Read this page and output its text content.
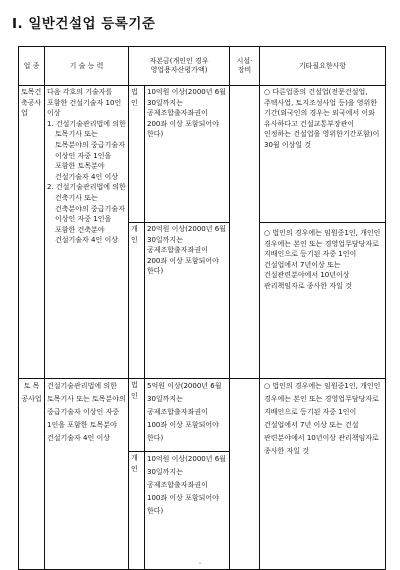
Ⅰ. 일반건설업 등록기준
업 종	기 술 능 력	자본금(개인인 경우 영업용자산평가액)		시설·장비	기타필요한사항
토목건축공사업	다음 각호의 기술자를 포함한 건설기술자 10인 이상
1. 건설기술관리법에 의한 토목기사 또는 토목분야의 중급기술자 이상인 자중 1인을 포함한 토목분야 건설기술자 4인 이상
2. 건설기술관리법에 의한 건축기사 또는 건축분야의 중급기술자 이상인 자중 1인을 포함한 건축분야 건설기술자 4인 이상	법인	10억원 이상(2000년 6월 30일까지는 공제조합출자좌권이 200좌 이상 포함되어야 한다)		○ 다른업종의 건설업(전문건설업, 주택사업, 토지조성사업 등)을 영위한 기간(외국인의 경우는 외국에서 이와 유사하다고 건설교통부장관이 인정하는 건설업을 영위한기간포함)이 30월 이상일 것
		개인	20억원 이상(2000년 6월 30일까지는 공제조합출자좌권이 200좌 이상 포함되어야 한다)		○ 법인의 경우에는 임원중1인, 개인인 경우에는 본인 또는 경영업무담당자로 지배인으로 등기된 자중 1인이 건설업에서 7년이상 또는 건설관련분야에서 10년이상 관리책임자로 종사한 자일 것
토 목 공사업	건설기술관리법에 의한 토목기사 또는 토목분야의 중급기술자 이상인 자중 1인을 포함한 토목분야 건설기술자 4인 이상	법인	5억원 이상(2000년 6월 30일까지는 공제조합출자좌권이 100좌 이상 포함되어야 한다)		○ 법인의 경우에는 임원중1인, 개인인 경우에는 본인 또는 경영업무담당자로 지배인으로 등기된 자중 1인이 건설업에서 7년 이상 또는 건설 관련분야에서 10년이상 관리책임자로 종사한 자일 것
		개인	10억원 이상(2000년 6월 30일까지는 공제조합출자좌권이 100좌 이상 포함되어야 한다)		
-
